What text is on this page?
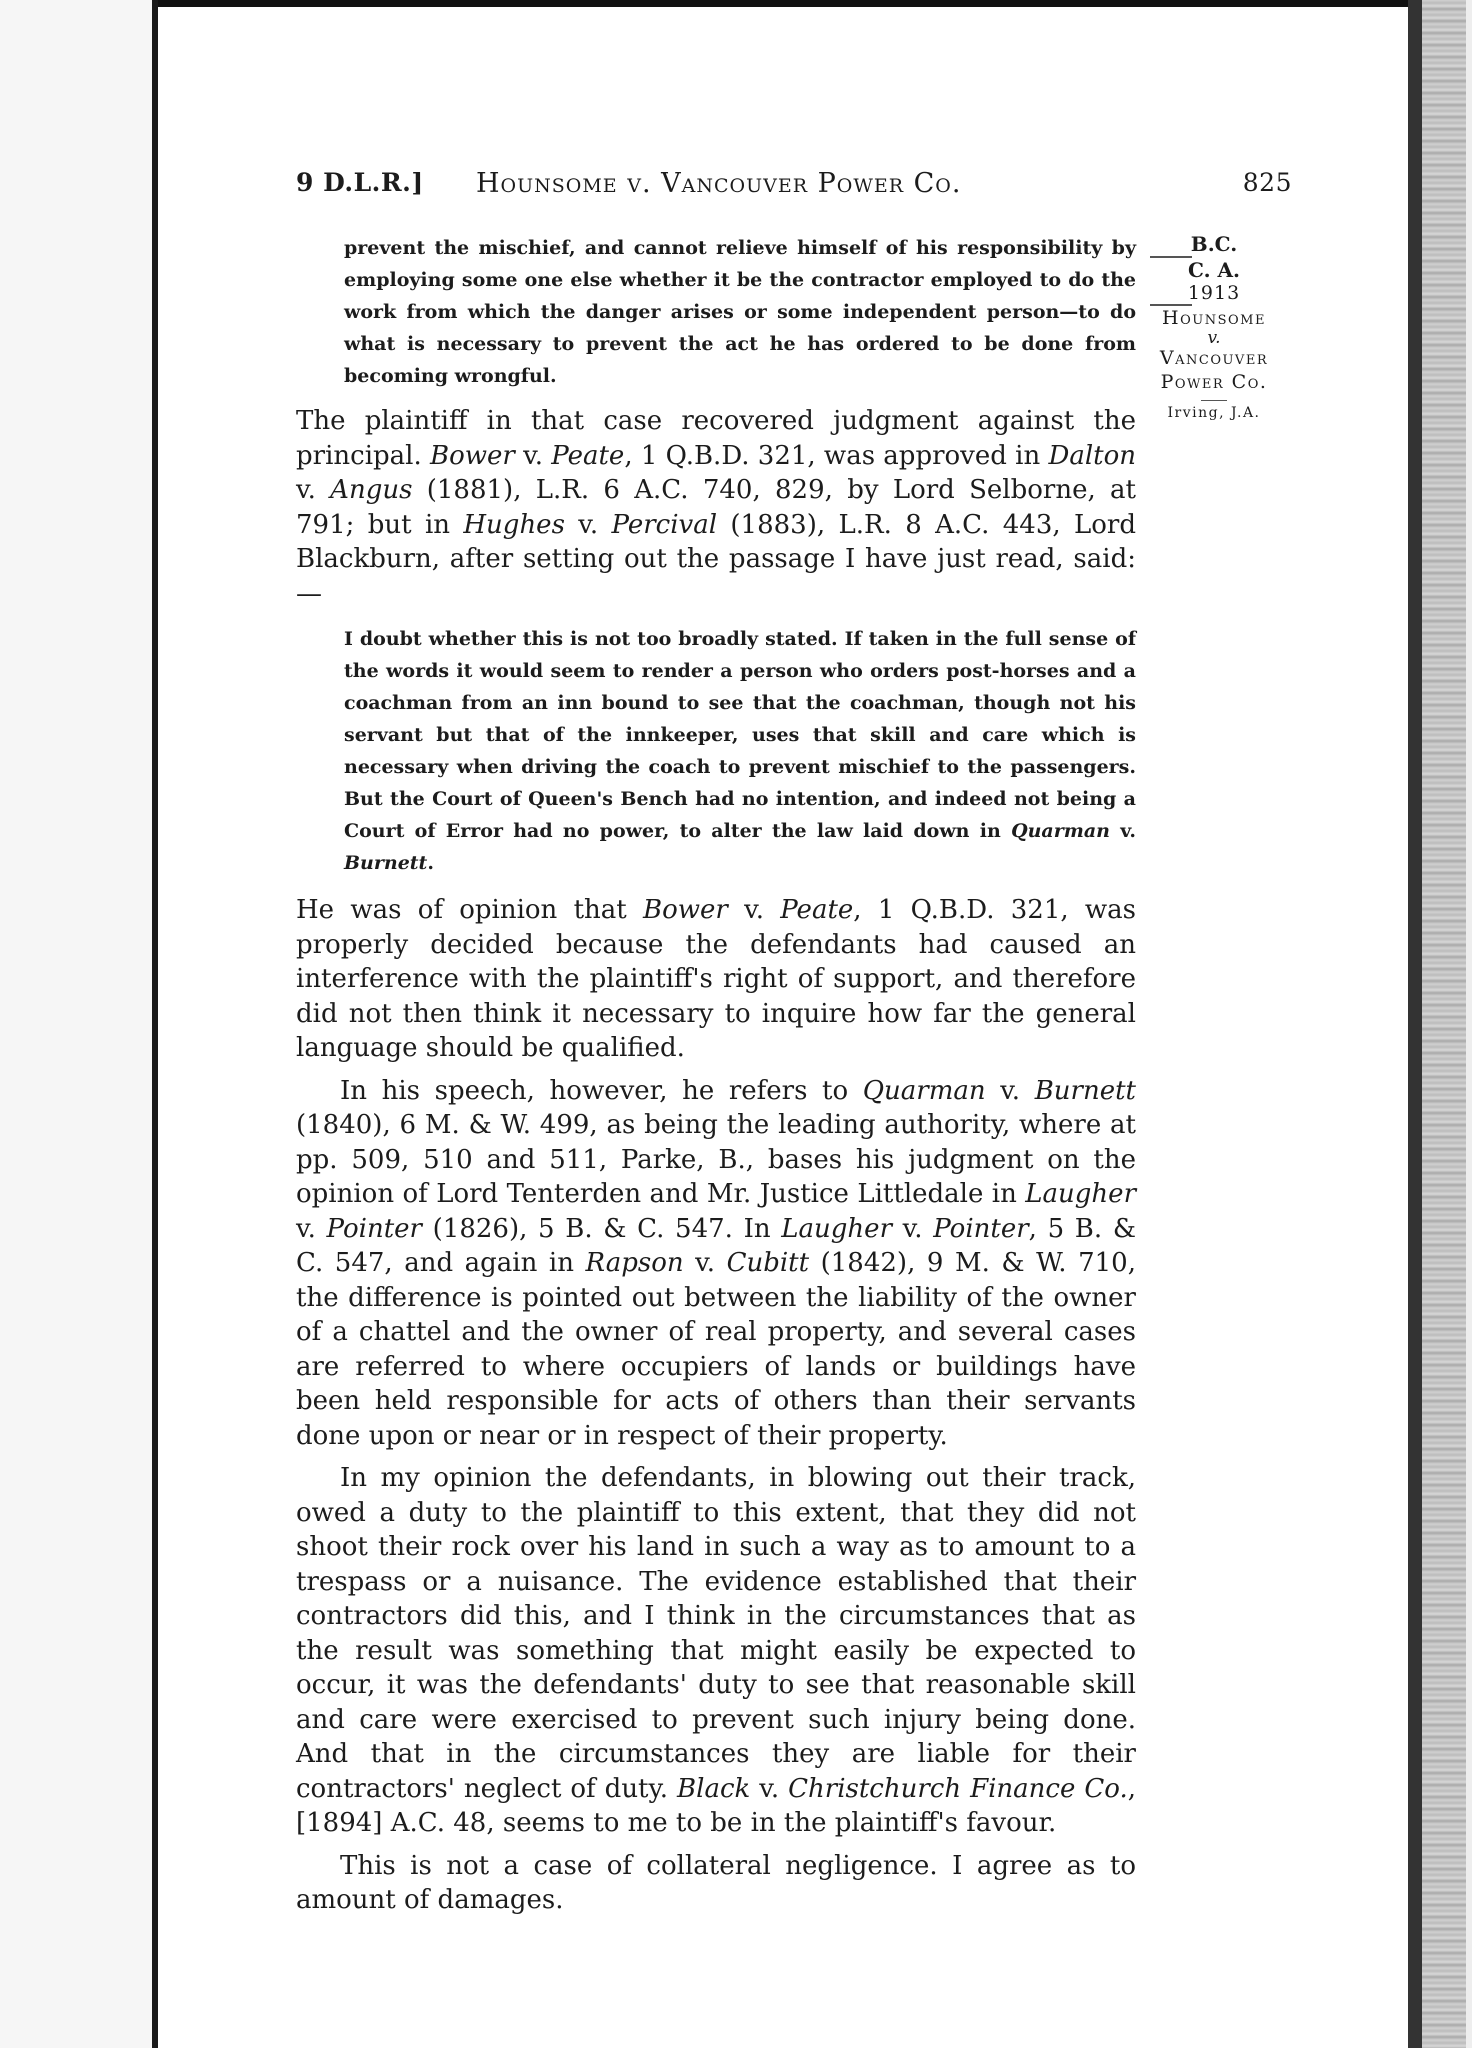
9 D.L.R.] Hounsome v. Vancouver Power Co.	825
B.C.
C. A.
1913
Hounsome
v.
Vancouver
Power Co.
Irving, J.A.

prevent the mischief, and cannot relieve himself of his responsibility by employing some one else whether it be the contractor employed to do the work from which the danger arises or some independent person—to do what is necessary to prevent the act he has ordered to be done from becoming wrongful.

The plaintiff in that case recovered judgment against the principal. Bower v. Peate, 1 Q.B.D. 321, was approved in Dalton v. Angus (1881), L.R. 6 A.C. 740, 829, by Lord Selborne, at 791; but in Hughes v. Percival (1883), L.R. 8 A.C. 443, Lord Blackburn, after setting out the passage I have just read, said:—

I doubt whether this is not too broadly stated. If taken in the full sense of the words it would seem to render a person who orders post-horses and a coachman from an inn bound to see that the coachman, though not his servant but that of the innkeeper, uses that skill and care which is necessary when driving the coach to prevent mischief to the passengers. But the Court of Queen's Bench had no intention, and indeed not being a Court of Error had no power, to alter the law laid down in Quarman v. Burnett.

He was of opinion that Bower v. Peate, 1 Q.B.D. 321, was properly decided because the defendants had caused an interference with the plaintiff's right of support, and therefore did not then think it necessary to inquire how far the general language should be qualified.

In his speech, however, he refers to Quarman v. Burnett (1840), 6 M. & W. 499, as being the leading authority, where at pp. 509, 510 and 511, Parke, B., bases his judgment on the opinion of Lord Tenterden and Mr. Justice Littledale in Laugher v. Pointer (1826), 5 B. & C. 547. In Laugher v. Pointer, 5 B. & C. 547, and again in Rapson v. Cubitt (1842), 9 M. & W. 710, the difference is pointed out between the liability of the owner of a chattel and the owner of real property, and several cases are referred to where occupiers of lands or buildings have been held responsible for acts of others than their servants done upon or near or in respect of their property.

In my opinion the defendants, in blowing out their track, owed a duty to the plaintiff to this extent, that they did not shoot their rock over his land in such a way as to amount to a trespass or a nuisance. The evidence established that their contractors did this, and I think in the circumstances that as the result was something that might easily be expected to occur, it was the defendants' duty to see that reasonable skill and care were exercised to prevent such injury being done. And that in the circumstances they are liable for their contractors' neglect of duty. Black v. Christchurch Finance Co., [1894] A.C. 48, seems to me to be in the plaintiff's favour.

This is not a case of collateral negligence. I agree as to amount of damages.
